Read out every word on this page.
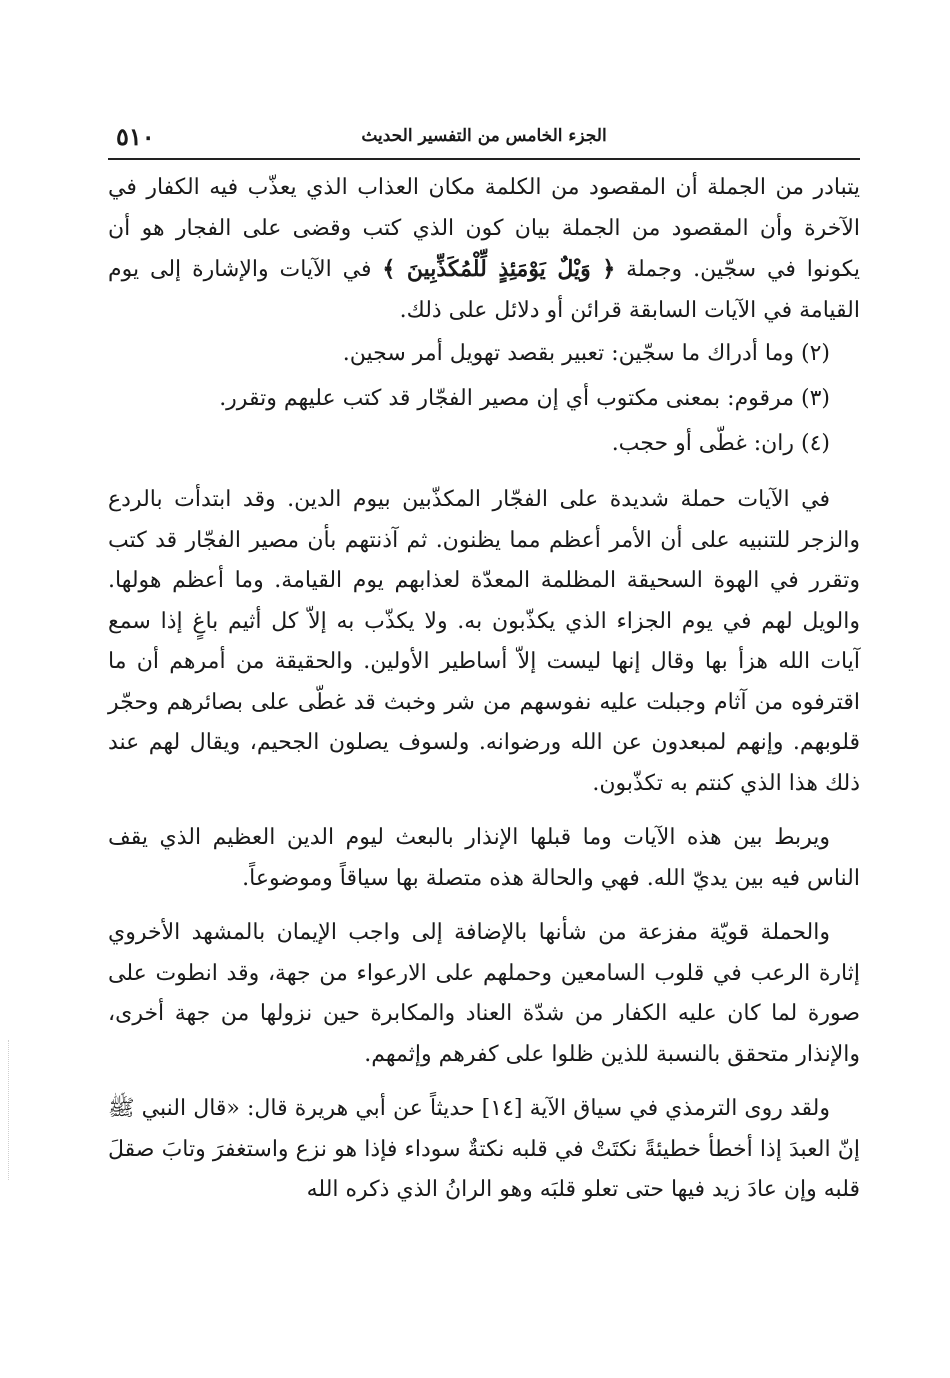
الجزء الخامس من التفسير الحديث
٥١٠

يتبادر من الجملة أن المقصود من الكلمة مكان العذاب الذي يعذّب فيه الكفار في الآخرة وأن المقصود من الجملة بيان كون الذي كتب وقضى على الفجار هو أن يكونوا في سجّين. وجملة ﴿ وَيْلٌ يَوْمَئِذٍ لِّلْمُكَذِّبِينَ ﴾ في الآيات والإشارة إلى يوم القيامة في الآيات السابقة قرائن أو دلائل على ذلك.

(٢) وما أدراك ما سجّين: تعبير بقصد تهويل أمر سجين.

(٣) مرقوم: بمعنى مكتوب أي إن مصير الفجّار قد كتب عليهم وتقرر.

(٤) ران: غطّى أو حجب.

في الآيات حملة شديدة على الفجّار المكذّبين بيوم الدين. وقد ابتدأت بالردع والزجر للتنبيه على أن الأمر أعظم مما يظنون. ثم آذنتهم بأن مصير الفجّار قد كتب وتقرر في الهوة السحيقة المظلمة المعدّة لعذابهم يوم القيامة. وما أعظم هولها. والويل لهم في يوم الجزاء الذي يكذّبون به. ولا يكذّب به إلاّ كل أثيم باغٍ إذا سمع آيات الله هزأ بها وقال إنها ليست إلاّ أساطير الأولين. والحقيقة من أمرهم أن ما اقترفوه من آثام وجبلت عليه نفوسهم من شر وخبث قد غطّى على بصائرهم وحجّر قلوبهم. وإنهم لمبعدون عن الله ورضوانه. ولسوف يصلون الجحيم، ويقال لهم عند ذلك هذا الذي كنتم به تكذّبون.

ويربط بين هذه الآيات وما قبلها الإنذار بالبعث ليوم الدين العظيم الذي يقف الناس فيه بين يديّ الله. فهي والحالة هذه متصلة بها سياقاً وموضوعاً.

والحملة قويّة مفزعة من شأنها بالإضافة إلى واجب الإيمان بالمشهد الأخروي إثارة الرعب في قلوب السامعين وحملهم على الارعواء من جهة، وقد انطوت على صورة لما كان عليه الكفار من شدّة العناد والمكابرة حين نزولها من جهة أخرى، والإنذار متحقق بالنسبة للذين ظلوا على كفرهم وإثمهم.

ولقد روى الترمذي في سياق الآية [١٤] حديثاً عن أبي هريرة قال: «قال النبي ﷺ إنّ العبدَ إذا أخطأ خطيئةً نكتَتْ في قلبه نكتةٌ سوداء فإذا هو نزع واستغفرَ وتابَ صقلَ قلبه وإن عادَ زيد فيها حتى تعلو قلبَه وهو الرانُ الذي ذكره الله
